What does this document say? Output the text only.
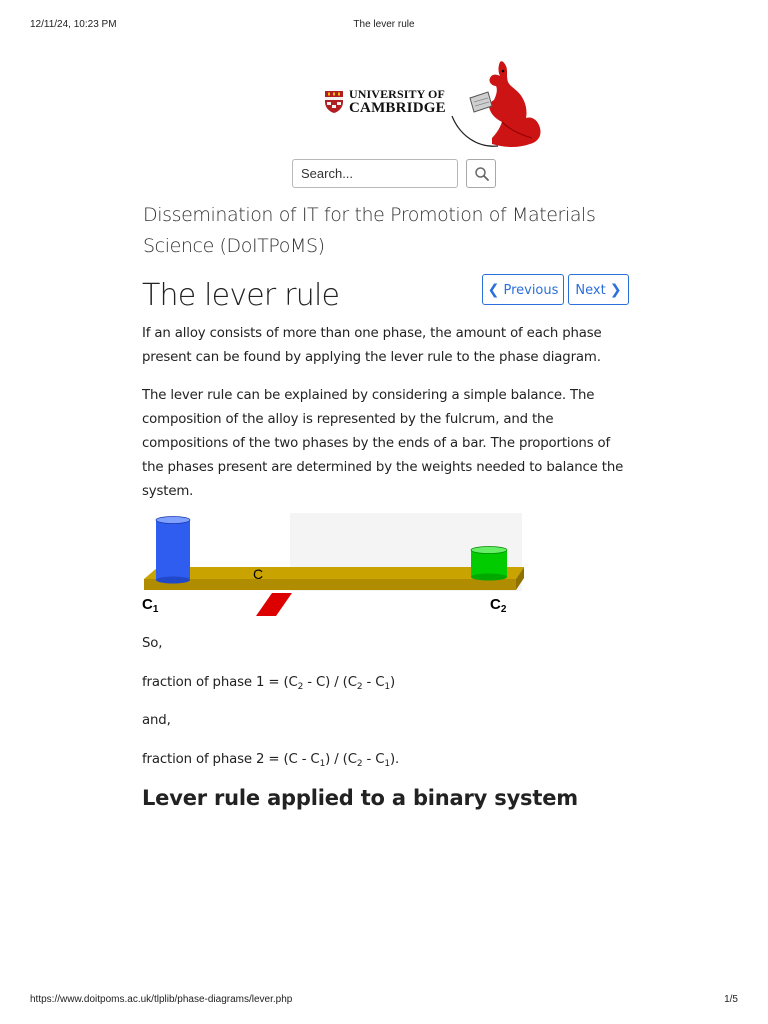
12/11/24, 10:23 PM	The lever rule
UNIVERSITY OF
CAMBRIDGE
Search...
Dissemination of IT for the Promotion of Materials Science (DoITPoMS)
The lever rule	❮ Previous	Next ❯

If an alloy consists of more than one phase, the amount of each phase present can be found by applying the lever rule to the phase diagram.

The lever rule can be explained by considering a simple balance. The composition of the alloy is represented by the fulcrum, and the compositions of the two phases by the ends of a bar. The proportions of the phases present are determined by the weights needed to balance the system.

C
$C_1$	$C_2$

So,

fraction of phase $1 = (C_2 - C) / (C_2 - C_1)$

and,

fraction of phase $2 = (C - C_1) / (C_2 - C_1)$.

Lever rule applied to a binary system
https://www.doitpoms.ac.uk/tlplib/phase-diagrams/lever.php	1/5
